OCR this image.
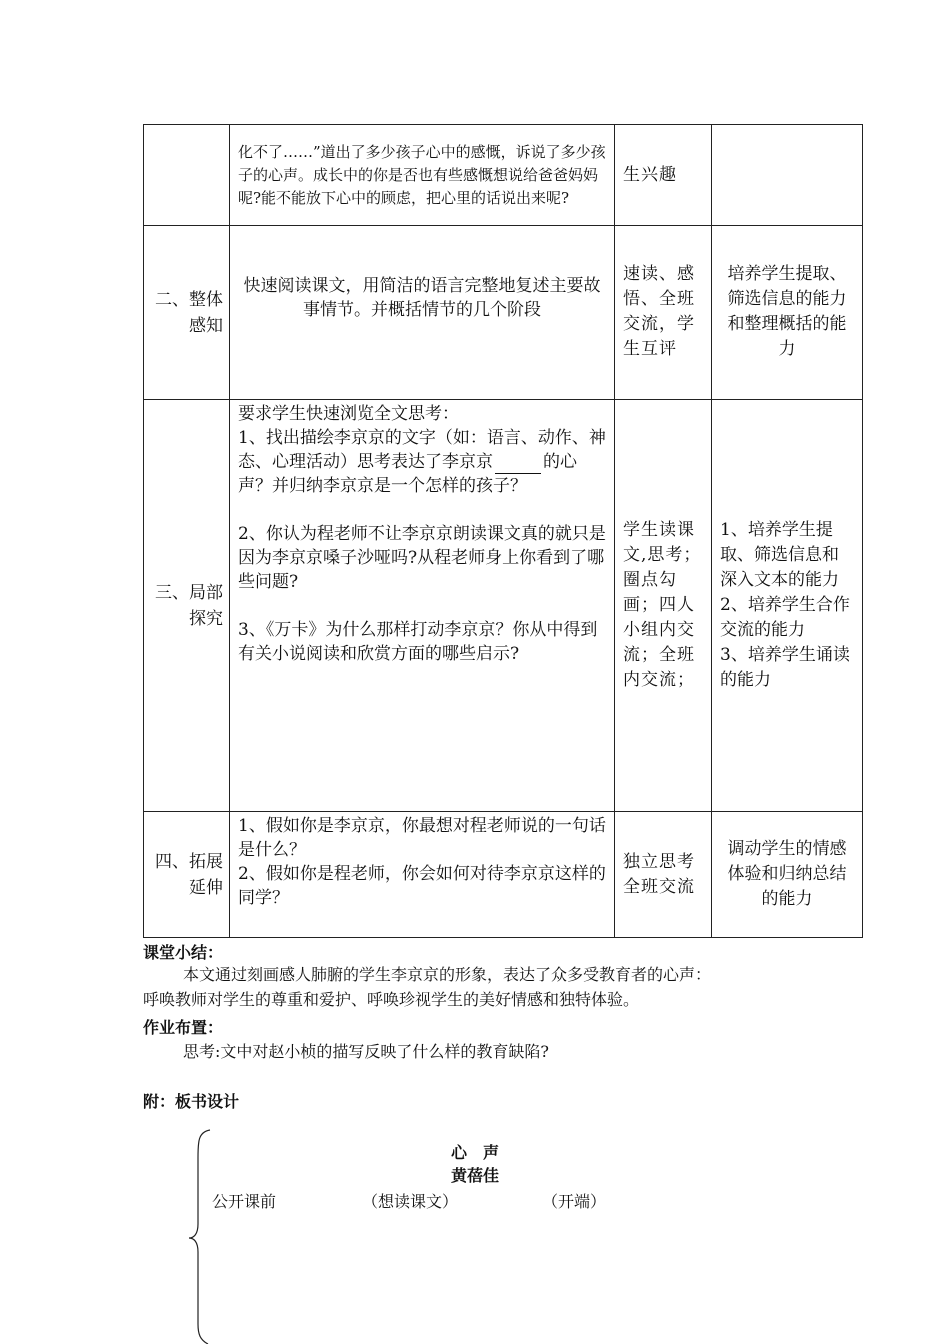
	化不了……”道出了多少孩子心中的感慨，诉说了多少孩子的心声。成长中的你是否也有些感慨想说给爸爸妈妈呢?能不能放下心中的顾虑，把心里的话说出来呢?	生兴趣	

二、整体
感知	快速阅读课文，用简洁的语言完整地复述主要故事情节。并概括情节的几个阶段	速读、感悟、全班交流，学生互评	培养学生提取、筛选信息的能力和整理概括的能力

三、局部
探究	要求学生快速浏览全文思考：
1、找出描绘李京京的文字（如：语言、动作、神态、心理活动）思考表达了李京京 的心声？并归纳李京京是一个怎样的孩子？
2、你认为程老师不让李京京朗读课文真的就只是因为李京京嗓子沙哑吗?从程老师身上你看到了哪些问题?
3、《万卡》为什么那样打动李京京？你从中得到有关小说阅读和欣赏方面的哪些启示?	学生读课文,思考；圈点勾画；四人小组内交流；全班内交流；	1、培养学生提取、筛选信息和深入文本的能力
2、培养学生合作交流的能力
3、培养学生诵读的能力

四、拓展
延伸	1、假如你是李京京，你最想对程老师说的一句话是什么？
2、假如你是程老师，你会如何对待李京京这样的同学？	独立思考全班交流	调动学生的情感体验和归纳总结的能力
课堂小结：
本文通过刻画感人肺腑的学生李京京的形象，表达了众多受教育者的心声：
呼唤教师对学生的尊重和爱护、呼唤珍视学生的美好情感和独特体验。
作业布置：
思考:文中对赵小桢的描写反映了什么样的教育缺陷?
附：板书设计
心　声
黄蓓佳
公开课前	（想读课文）	（开端）
